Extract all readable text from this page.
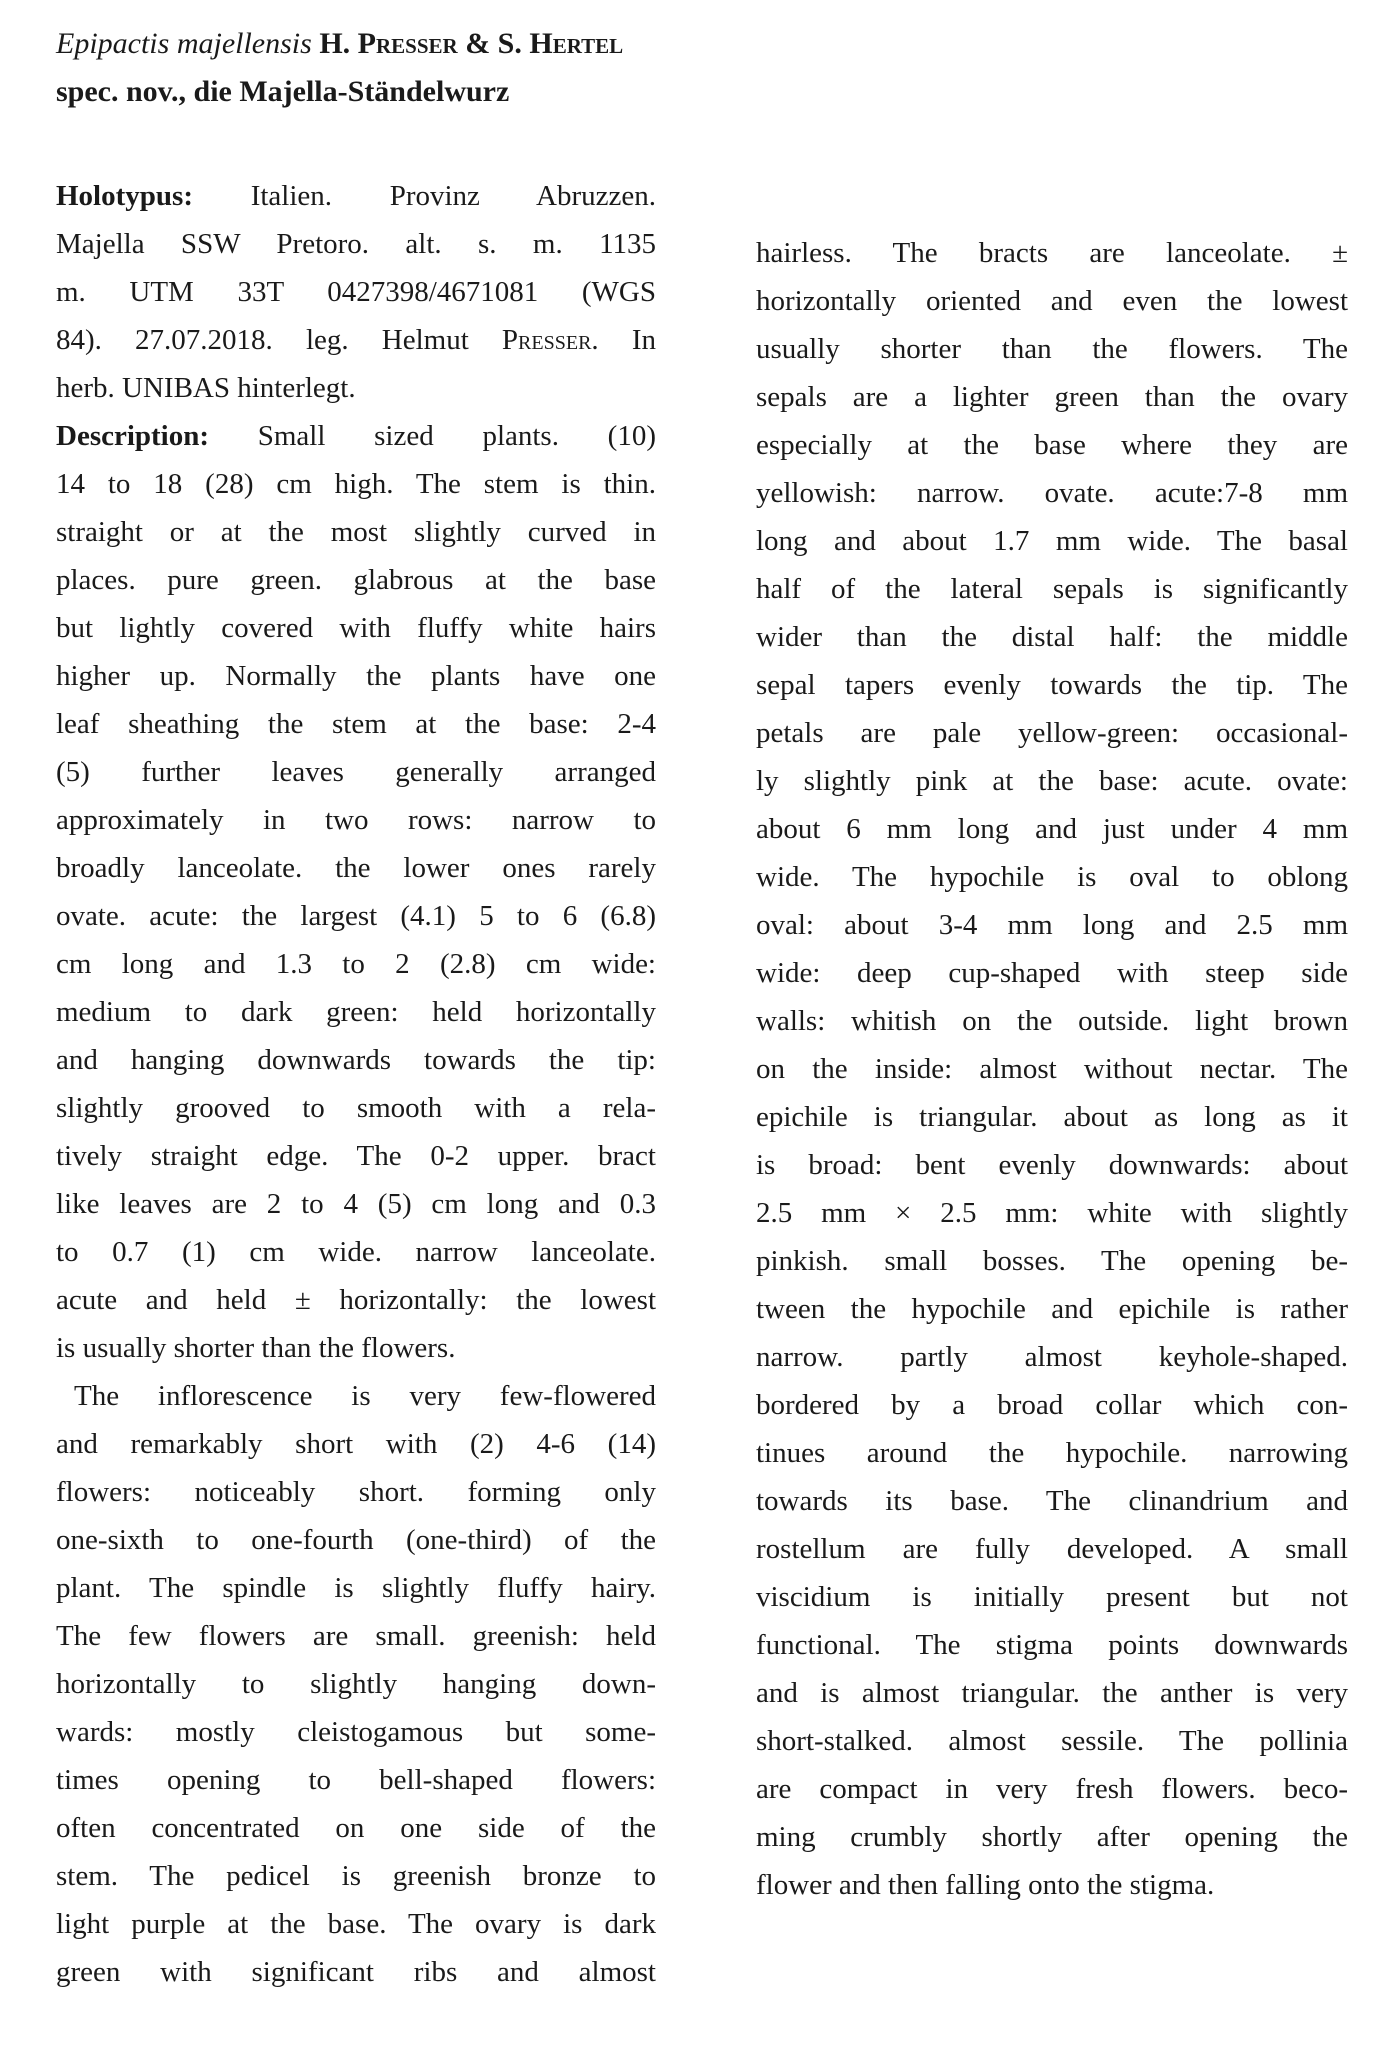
Epipactis majellensis H. Presser & S. Hertel spec. nov., die Majella-Ständelwurz
Holotypus: Italien. Provinz Abruzzen.
Majella SSW Pretoro. alt. s. m. 1135
m. UTM 33T 0427398/4671081 (WGS
84). 27.07.2018. leg. Helmut Presser. In
herb. UNIBAS hinterlegt.
Description: Small sized plants. (10)
14 to 18 (28) cm high. The stem is thin.
straight or at the most slightly curved in
places. pure green. glabrous at the base
but lightly covered with fluffy white hairs
higher up. Normally the plants have one
leaf sheathing the stem at the base: 2-4
(5) further leaves generally arranged
approximately in two rows: narrow to
broadly lanceolate. the lower ones rarely
ovate. acute: the largest (4.1) 5 to 6 (6.8)
cm long and 1.3 to 2 (2.8) cm wide:
medium to dark green: held horizontally
and hanging downwards towards the tip:
slightly grooved to smooth with a rela-
tively straight edge. The 0-2 upper. bract
like leaves are 2 to 4 (5) cm long and 0.3
to 0.7 (1) cm wide. narrow lanceolate.
acute and held ± horizontally: the lowest
is usually shorter than the flowers.
The inflorescence is very few-flowered
and remarkably short with (2) 4-6 (14)
flowers: noticeably short. forming only
one-sixth to one-fourth (one-third) of the
plant. The spindle is slightly fluffy hairy.
The few flowers are small. greenish: held
horizontally to slightly hanging down-
wards: mostly cleistogamous but some-
times opening to bell-shaped flowers:
often concentrated on one side of the
stem. The pedicel is greenish bronze to
light purple at the base. The ovary is dark
green with significant ribs and almost
hairless. The bracts are lanceolate. ±
horizontally oriented and even the lowest
usually shorter than the flowers. The
sepals are a lighter green than the ovary
especially at the base where they are
yellowish: narrow. ovate. acute:7-8 mm
long and about 1.7 mm wide. The basal
half of the lateral sepals is significantly
wider than the distal half: the middle
sepal tapers evenly towards the tip. The
petals are pale yellow-green: occasional-
ly slightly pink at the base: acute. ovate:
about 6 mm long and just under 4 mm
wide. The hypochile is oval to oblong
oval: about 3-4 mm long and 2.5 mm
wide: deep cup-shaped with steep side
walls: whitish on the outside. light brown
on the inside: almost without nectar. The
epichile is triangular. about as long as it
is broad: bent evenly downwards: about
2.5 mm × 2.5 mm: white with slightly
pinkish. small bosses. The opening be-
tween the hypochile and epichile is rather
narrow. partly almost keyhole-shaped.
bordered by a broad collar which con-
tinues around the hypochile. narrowing
towards its base. The clinandrium and
rostellum are fully developed. A small
viscidium is initially present but not
functional. The stigma points downwards
and is almost triangular. the anther is very
short-stalked. almost sessile. The pollinia
are compact in very fresh flowers. beco-
ming crumbly shortly after opening the
flower and then falling onto the stigma.
